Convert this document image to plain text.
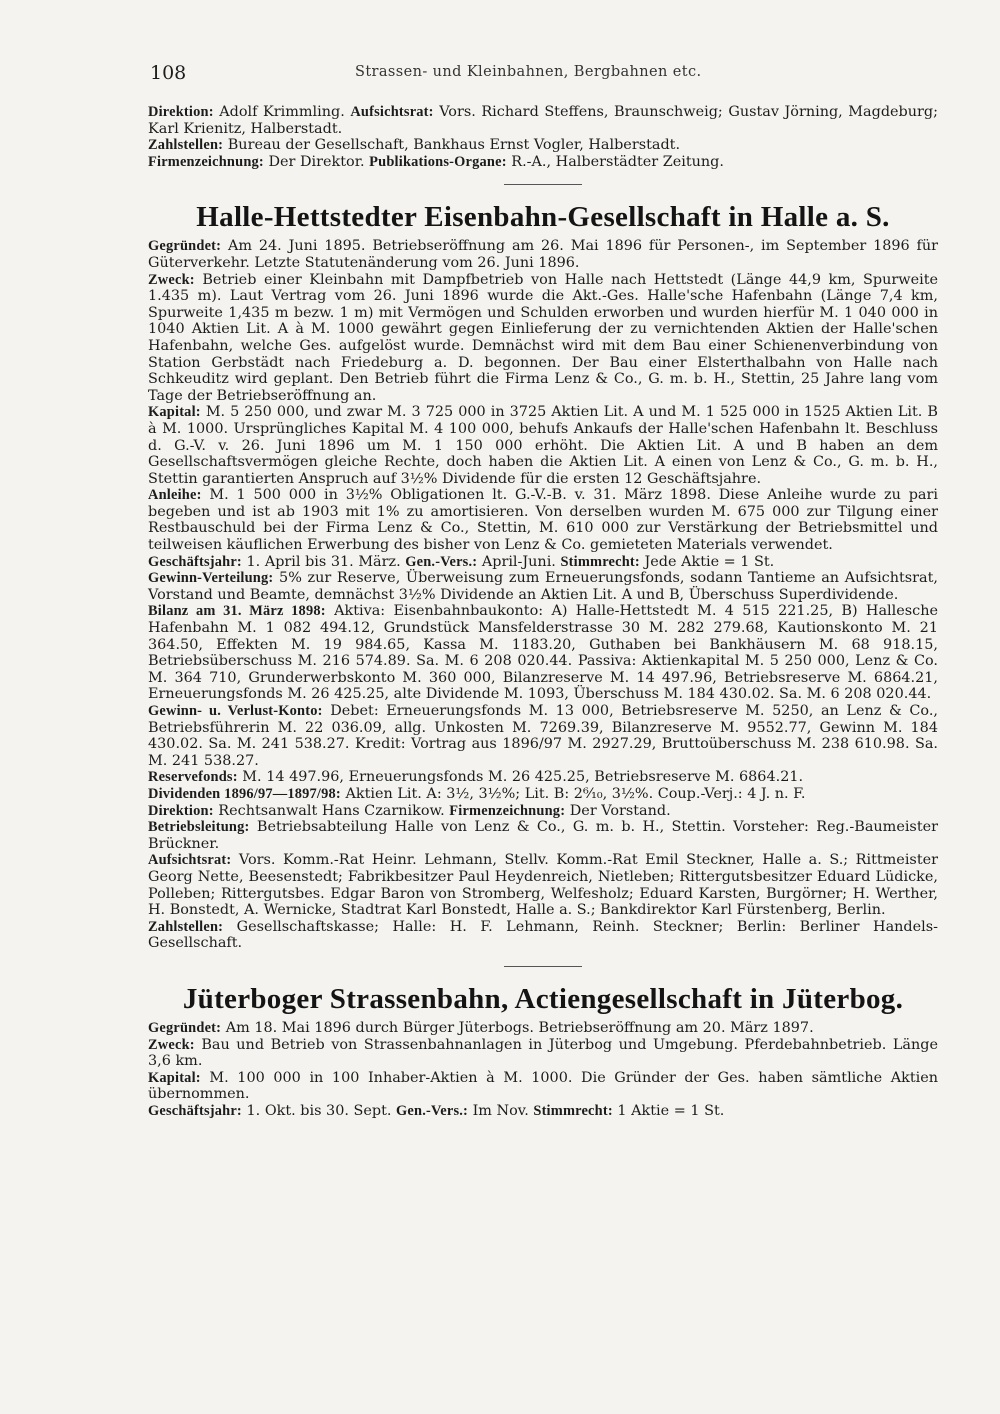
108	Strassen- und Kleinbahnen, Bergbahnen etc.
Direktion: Adolf Krimmling. Aufsichtsrat: Vors. Richard Steffens, Braunschweig; Gustav Jörning, Magdeburg; Karl Krienitz, Halberstadt.
Zahlstellen: Bureau der Gesellschaft, Bankhaus Ernst Vogler, Halberstadt.
Firmenzeichnung: Der Direktor. Publikations-Organe: R.-A., Halberstädter Zeitung.
Halle-Hettstedter Eisenbahn-Gesellschaft in Halle a. S.
Gegründet: Am 24. Juni 1895. Betriebseröffnung am 26. Mai 1896 für Personen-, im September 1896 für Güterverkehr. Letzte Statutenänderung vom 26. Juni 1896.
Zweck: Betrieb einer Kleinbahn mit Dampfbetrieb von Halle nach Hettstedt (Länge 44,9 km, Spurweite 1.435 m). Laut Vertrag vom 26. Juni 1896 wurde die Akt.-Ges. Halle'sche Hafenbahn (Länge 7,4 km, Spurweite 1,435 m bezw. 1 m) mit Vermögen und Schulden erworben und wurden hierfür M. 1 040 000 in 1040 Aktien Lit. A à M. 1000 gewährt gegen Einlieferung der zu vernichtenden Aktien der Halle'schen Hafenbahn, welche Ges. aufgelöst wurde. Demnächst wird mit dem Bau einer Schienenverbindung von Station Gerbstädt nach Friedeburg a. D. begonnen. Der Bau einer Elsterthalbahn von Halle nach Schkeuditz wird geplant. Den Betrieb führt die Firma Lenz & Co., G. m. b. H., Stettin, 25 Jahre lang vom Tage der Betriebseröffnung an.
Kapital: M. 5 250 000, und zwar M. 3 725 000 in 3725 Aktien Lit. A und M. 1 525 000 in 1525 Aktien Lit. B à M. 1000. Ursprüngliches Kapital M. 4 100 000, behufs Ankaufs der Halle'schen Hafenbahn lt. Beschluss d. G.-V. v. 26. Juni 1896 um M. 1 150 000 erhöht. Die Aktien Lit. A und B haben an dem Gesellschaftsvermögen gleiche Rechte, doch haben die Aktien Lit. A einen von Lenz & Co., G. m. b. H., Stettin garantierten Anspruch auf 3½% Dividende für die ersten 12 Geschäftsjahre.
Anleihe: M. 1 500 000 in 3½% Obligationen lt. G.-V.-B. v. 31. März 1898. Diese Anleihe wurde zu pari begeben und ist ab 1903 mit 1% zu amortisieren. Von derselben wurden M. 675 000 zur Tilgung einer Restbauschuld bei der Firma Lenz & Co., Stettin, M. 610 000 zur Verstärkung der Betriebsmittel und teilweisen käuflichen Erwerbung des bisher von Lenz & Co. gemieteten Materials verwendet.
Geschäftsjahr: 1. April bis 31. März. Gen.-Vers.: April-Juni. Stimmrecht: Jede Aktie = 1 St.
Gewinn-Verteilung: 5% zur Reserve, Überweisung zum Erneuerungsfonds, sodann Tantieme an Aufsichtsrat, Vorstand und Beamte, demnächst 3½% Dividende an Aktien Lit. A und B, Überschuss Superdividende.
Bilanz am 31. März 1898: Aktiva: Eisenbahnbaukonto: A) Halle-Hettstedt M. 4 515 221.25, B) Hallesche Hafenbahn M. 1 082 494.12, Grundstück Mansfelderstrasse 30 M. 282 279.68, Kautionskonto M. 21 364.50, Effekten M. 19 984.65, Kassa M. 1183.20, Guthaben bei Bankhäusern M. 68 918.15, Betriebsüberschuss M. 216 574.89. Sa. M. 6 208 020.44. Passiva: Aktienkapital M. 5 250 000, Lenz & Co. M. 364 710, Grunderwerbskonto M. 360 000, Bilanzreserve M. 14 497.96, Betriebsreserve M. 6864.21, Erneuerungsfonds M. 26 425.25, alte Dividende M. 1093, Überschuss M. 184 430.02. Sa. M. 6 208 020.44.
Gewinn- u. Verlust-Konto: Debet: Erneuerungsfonds M. 13 000, Betriebsreserve M. 5250, an Lenz & Co., Betriebsführerin M. 22 036.09, allg. Unkosten M. 7269.39, Bilanzreserve M. 9552.77, Gewinn M. 184 430.02. Sa. M. 241 538.27. Kredit: Vortrag aus 1896/97 M. 2927.29, Bruttoüberschuss M. 238 610.98. Sa. M. 241 538.27.
Reservefonds: M. 14 497.96, Erneuerungsfonds M. 26 425.25, Betriebsreserve M. 6864.21.
Dividenden 1896/97—1897/98: Aktien Lit. A: 3½, 3½%; Lit. B: 2⁶⁄₁₀, 3½%. Coup.-Verj.: 4 J. n. F.
Direktion: Rechtsanwalt Hans Czarnikow. Firmenzeichnung: Der Vorstand.
Betriebsleitung: Betriebsabteilung Halle von Lenz & Co., G. m. b. H., Stettin. Vorsteher: Reg.-Baumeister Brückner.
Aufsichtsrat: Vors. Komm.-Rat Heinr. Lehmann, Stellv. Komm.-Rat Emil Steckner, Halle a. S.; Rittmeister Georg Nette, Beesenstedt; Fabrikbesitzer Paul Heydenreich, Nietleben; Rittergutsbesitzer Eduard Lüdicke, Polleben; Rittergutsbes. Edgar Baron von Stromberg, Welfesholz; Eduard Karsten, Burgörner; H. Werther, H. Bonstedt, A. Wernicke, Stadtrat Karl Bonstedt, Halle a. S.; Bankdirektor Karl Fürstenberg, Berlin.
Zahlstellen: Gesellschaftskasse; Halle: H. F. Lehmann, Reinh. Steckner; Berlin: Berliner Handels-Gesellschaft.
Jüterboger Strassenbahn, Actiengesellschaft in Jüterbog.
Gegründet: Am 18. Mai 1896 durch Bürger Jüterbogs. Betriebseröffnung am 20. März 1897.
Zweck: Bau und Betrieb von Strassenbahnanlagen in Jüterbog und Umgebung. Pferdebahnbetrieb. Länge 3,6 km.
Kapital: M. 100 000 in 100 Inhaber-Aktien à M. 1000. Die Gründer der Ges. haben sämtliche Aktien übernommen.
Geschäftsjahr: 1. Okt. bis 30. Sept. Gen.-Vers.: Im Nov. Stimmrecht: 1 Aktie = 1 St.
